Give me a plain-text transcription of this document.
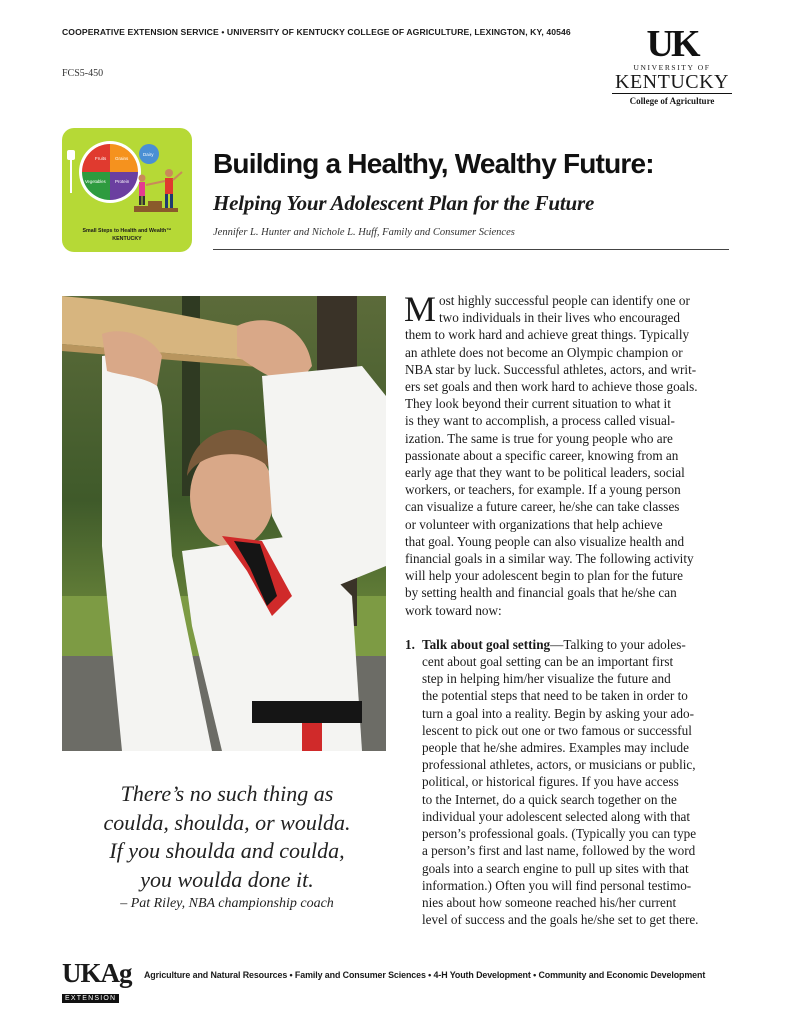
COOPERATIVE EXTENSION SERVICE • UNIVERSITY OF KENTUCKY COLLEGE OF AGRICULTURE, LEXINGTON, KY, 40546
FCS5-450
UK
UNIVERSITY OF
KENTUCKY
College of Agriculture
Fruits Grains
Vegetables Protein
Dairy
Small Steps to Health and Wealth™
KENTUCKY
Building a Healthy, Wealthy Future:
Helping Your Adolescent Plan for the Future
Jennifer L. Hunter and Nichole L. Huff, Family and Consumer Sciences
There’s no such thing as
coulda, shoulda, or woulda.
If you shoulda and coulda,
you woulda done it.
– Pat Riley, NBA championship coach
M ost highly successful people can identify one or

two individuals in their lives who encouraged

them to work hard and achieve great things. Typically

an athlete does not become an Olympic champion or

NBA star by luck. Successful athletes, actors, and writ-

ers set goals and then work hard to achieve those goals.

They look beyond their current situation to what it

is they want to accomplish, a process called visual-

ization. The same is true for young people who are

passionate about a specific career, knowing from an

early age that they want to be political leaders, social

workers, or teachers, for example. If a young person

can visualize a future career, he/she can take classes

or volunteer with organizations that help achieve

that goal. Young people can also visualize health and

financial goals in a similar way. The following activity

will help your adolescent begin to plan for the future

by setting health and financial goals that he/she can

work toward now:

1. Talk about goal setting—Talking to your adoles-

cent about goal setting can be an important first

step in helping him/her visualize the future and

the potential steps that need to be taken in order to

turn a goal into a reality. Begin by asking your ado-

lescent to pick out one or two famous or successful

people that he/she admires. Examples may include

professional athletes, actors, or musicians or public,

political, or historical figures. If you have access

to the Internet, do a quick search together on the

individual your adolescent selected along with that

person’s professional goals. (Typically you can type

a person’s first and last name, followed by the word

goals into a search engine to pull up sites with that

information.) Often you will find personal testimo-

nies about how someone reached his/her current

level of success and the goals he/she set to get there.

UKAg
EXTENSION
Agriculture and Natural Resources • Family and Consumer Sciences • 4-H Youth Development • Community and Economic Development
